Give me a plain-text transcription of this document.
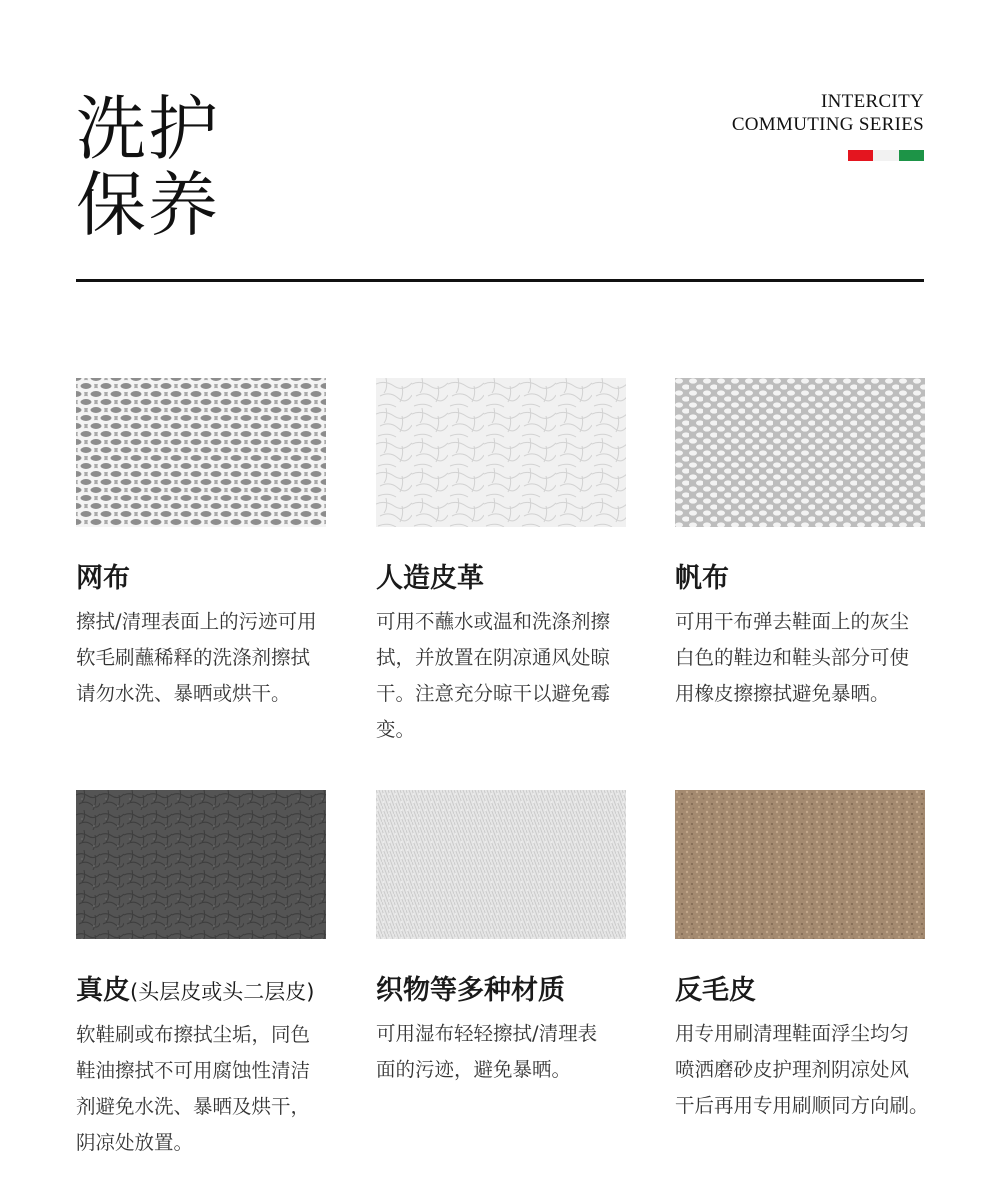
洗护
保养
INTERCITY
COMMUTING SERIES
网布

擦拭/清理表面上的污迹可用
软毛刷蘸稀释的洗涤剂擦拭
请勿水洗、暴晒或烘干。

人造皮革

可用不蘸水或温和洗涤剂擦
拭，并放置在阴凉通风处晾
干。注意充分晾干以避免霉变。

帆布

可用干布弹去鞋面上的灰尘
白色的鞋边和鞋头部分可使
用橡皮擦擦拭避免暴晒。

真皮(头层皮或头二层皮)

软鞋刷或布擦拭尘垢，同色
鞋油擦拭不可用腐蚀性清洁
剂避免水洗、暴晒及烘干，
阴凉处放置。

织物等多种材质

可用湿布轻轻擦拭/清理表
面的污迹，避免暴晒。

反毛皮

用专用刷清理鞋面浮尘均匀
喷洒磨砂皮护理剂阴凉处风
干后再用专用刷顺同方向刷。
